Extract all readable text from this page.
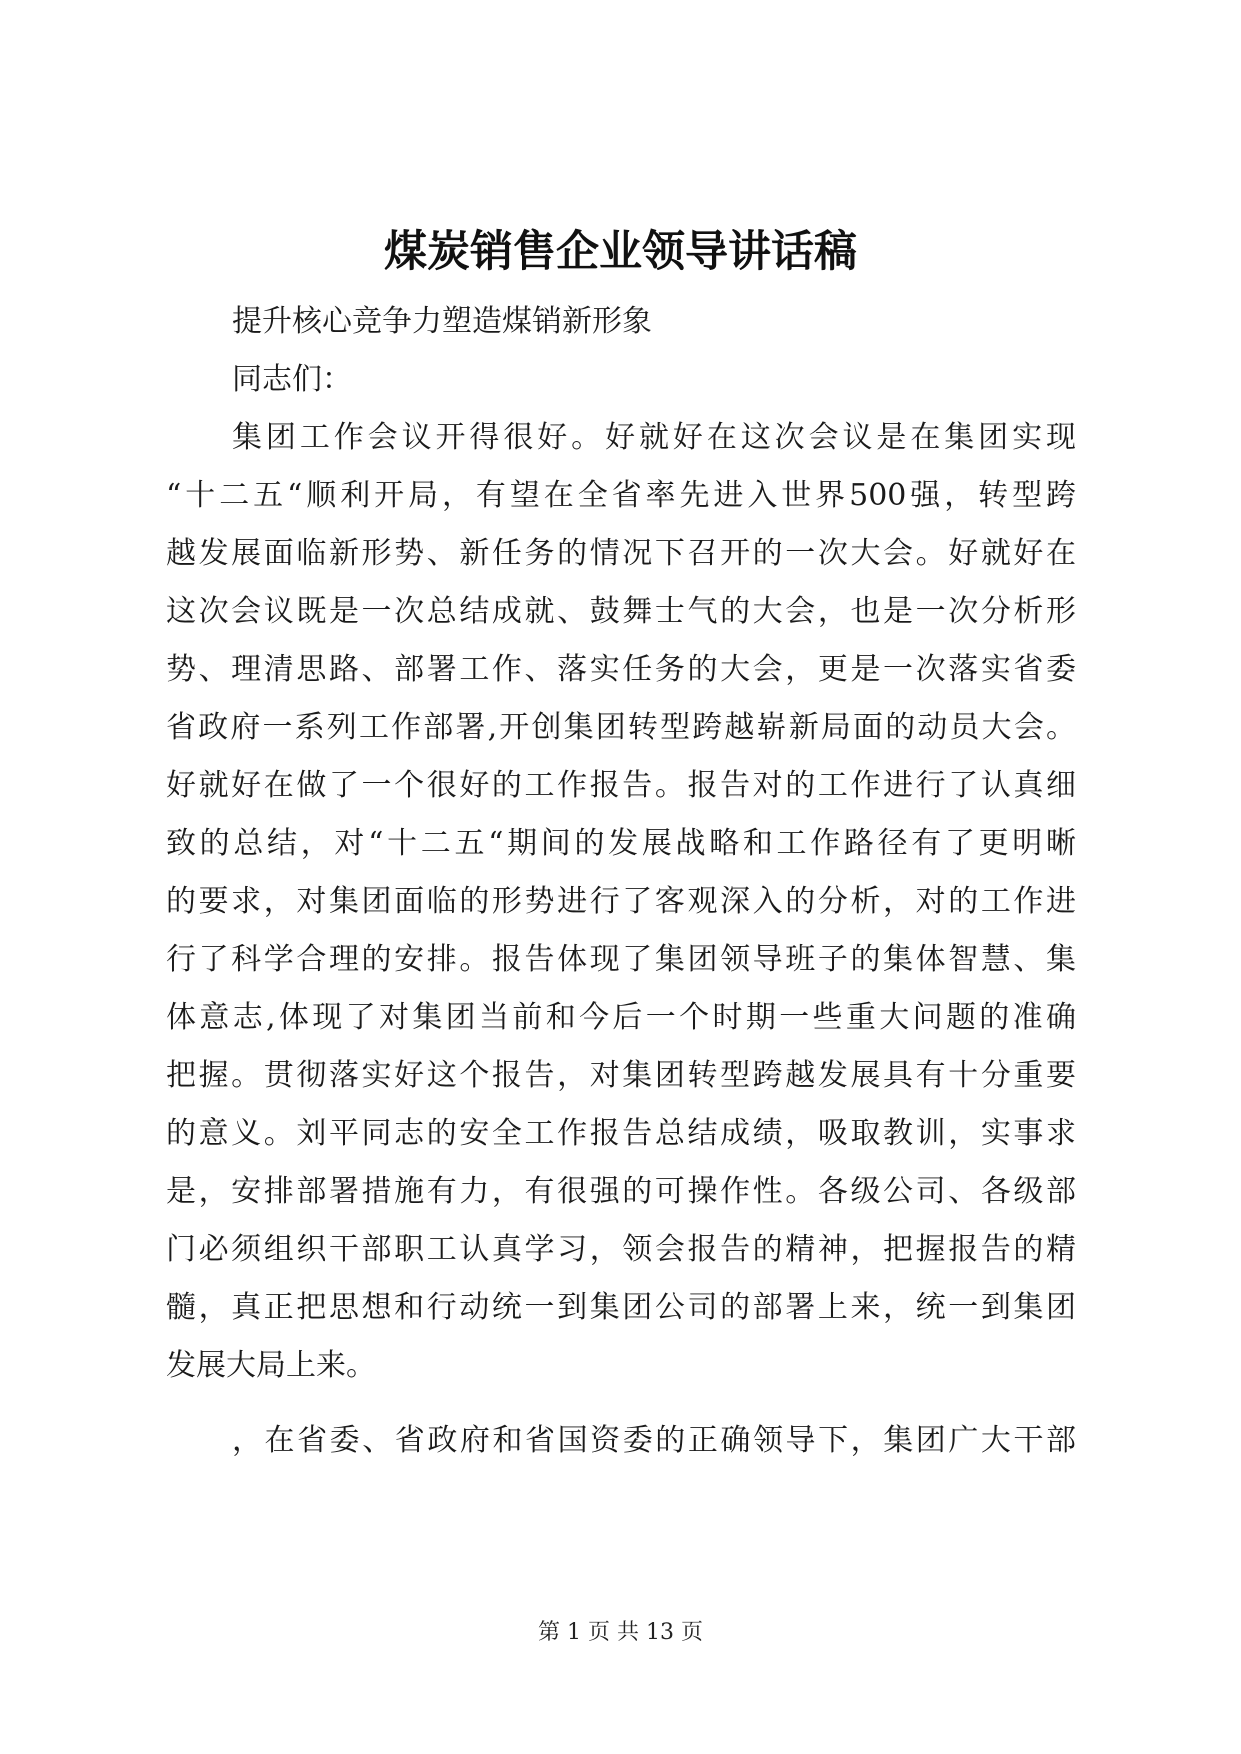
煤炭销售企业领导讲话稿

提升核心竞争力塑造煤销新形象

同志们：

集团工作会议开得很好。好就好在这次会议是在集团实现

“十二五“顺利开局，有望在全省率先进入世界500强，转型跨

越发展面临新形势、新任务的情况下召开的一次大会。好就好在

这次会议既是一次总结成就、鼓舞士气的大会，也是一次分析形

势、理清思路、部署工作、落实任务的大会，更是一次落实省委

省政府一系列工作部署,开创集团转型跨越崭新局面的动员大会。

好就好在做了一个很好的工作报告。报告对的工作进行了认真细

致的总结，对“十二五“期间的发展战略和工作路径有了更明晰

的要求，对集团面临的形势进行了客观深入的分析，对的工作进

行了科学合理的安排。报告体现了集团领导班子的集体智慧、集

体意志,体现了对集团当前和今后一个时期一些重大问题的准确

把握。贯彻落实好这个报告，对集团转型跨越发展具有十分重要

的意义。刘平同志的安全工作报告总结成绩，吸取教训，实事求

是，安排部署措施有力，有很强的可操作性。各级公司、各级部

门必须组织干部职工认真学习，领会报告的精神，把握报告的精

髓，真正把思想和行动统一到集团公司的部署上来，统一到集团

发展大局上来。

，在省委、省政府和省国资委的正确领导下，集团广大干部

第 1 页 共 13 页
